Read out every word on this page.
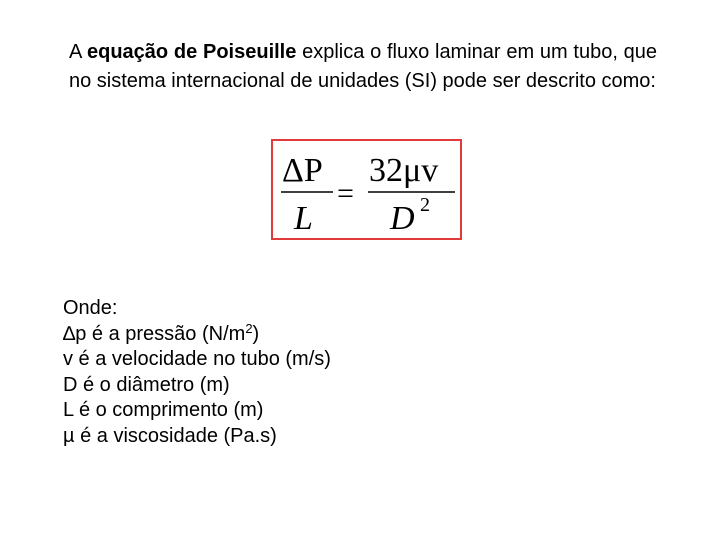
A equação de Poiseuille explica o fluxo laminar em um tubo, que no sistema internacional de unidades (SI) pode ser descrito como:
ΔP
L
=
32μv
D 2
Onde:
∆p é a pressão $(N/m^2)$
v é a velocidade no tubo (m/s)
D é o diâmetro (m)
L é o comprimento (m)
µ é a viscosidade (Pa.s)
